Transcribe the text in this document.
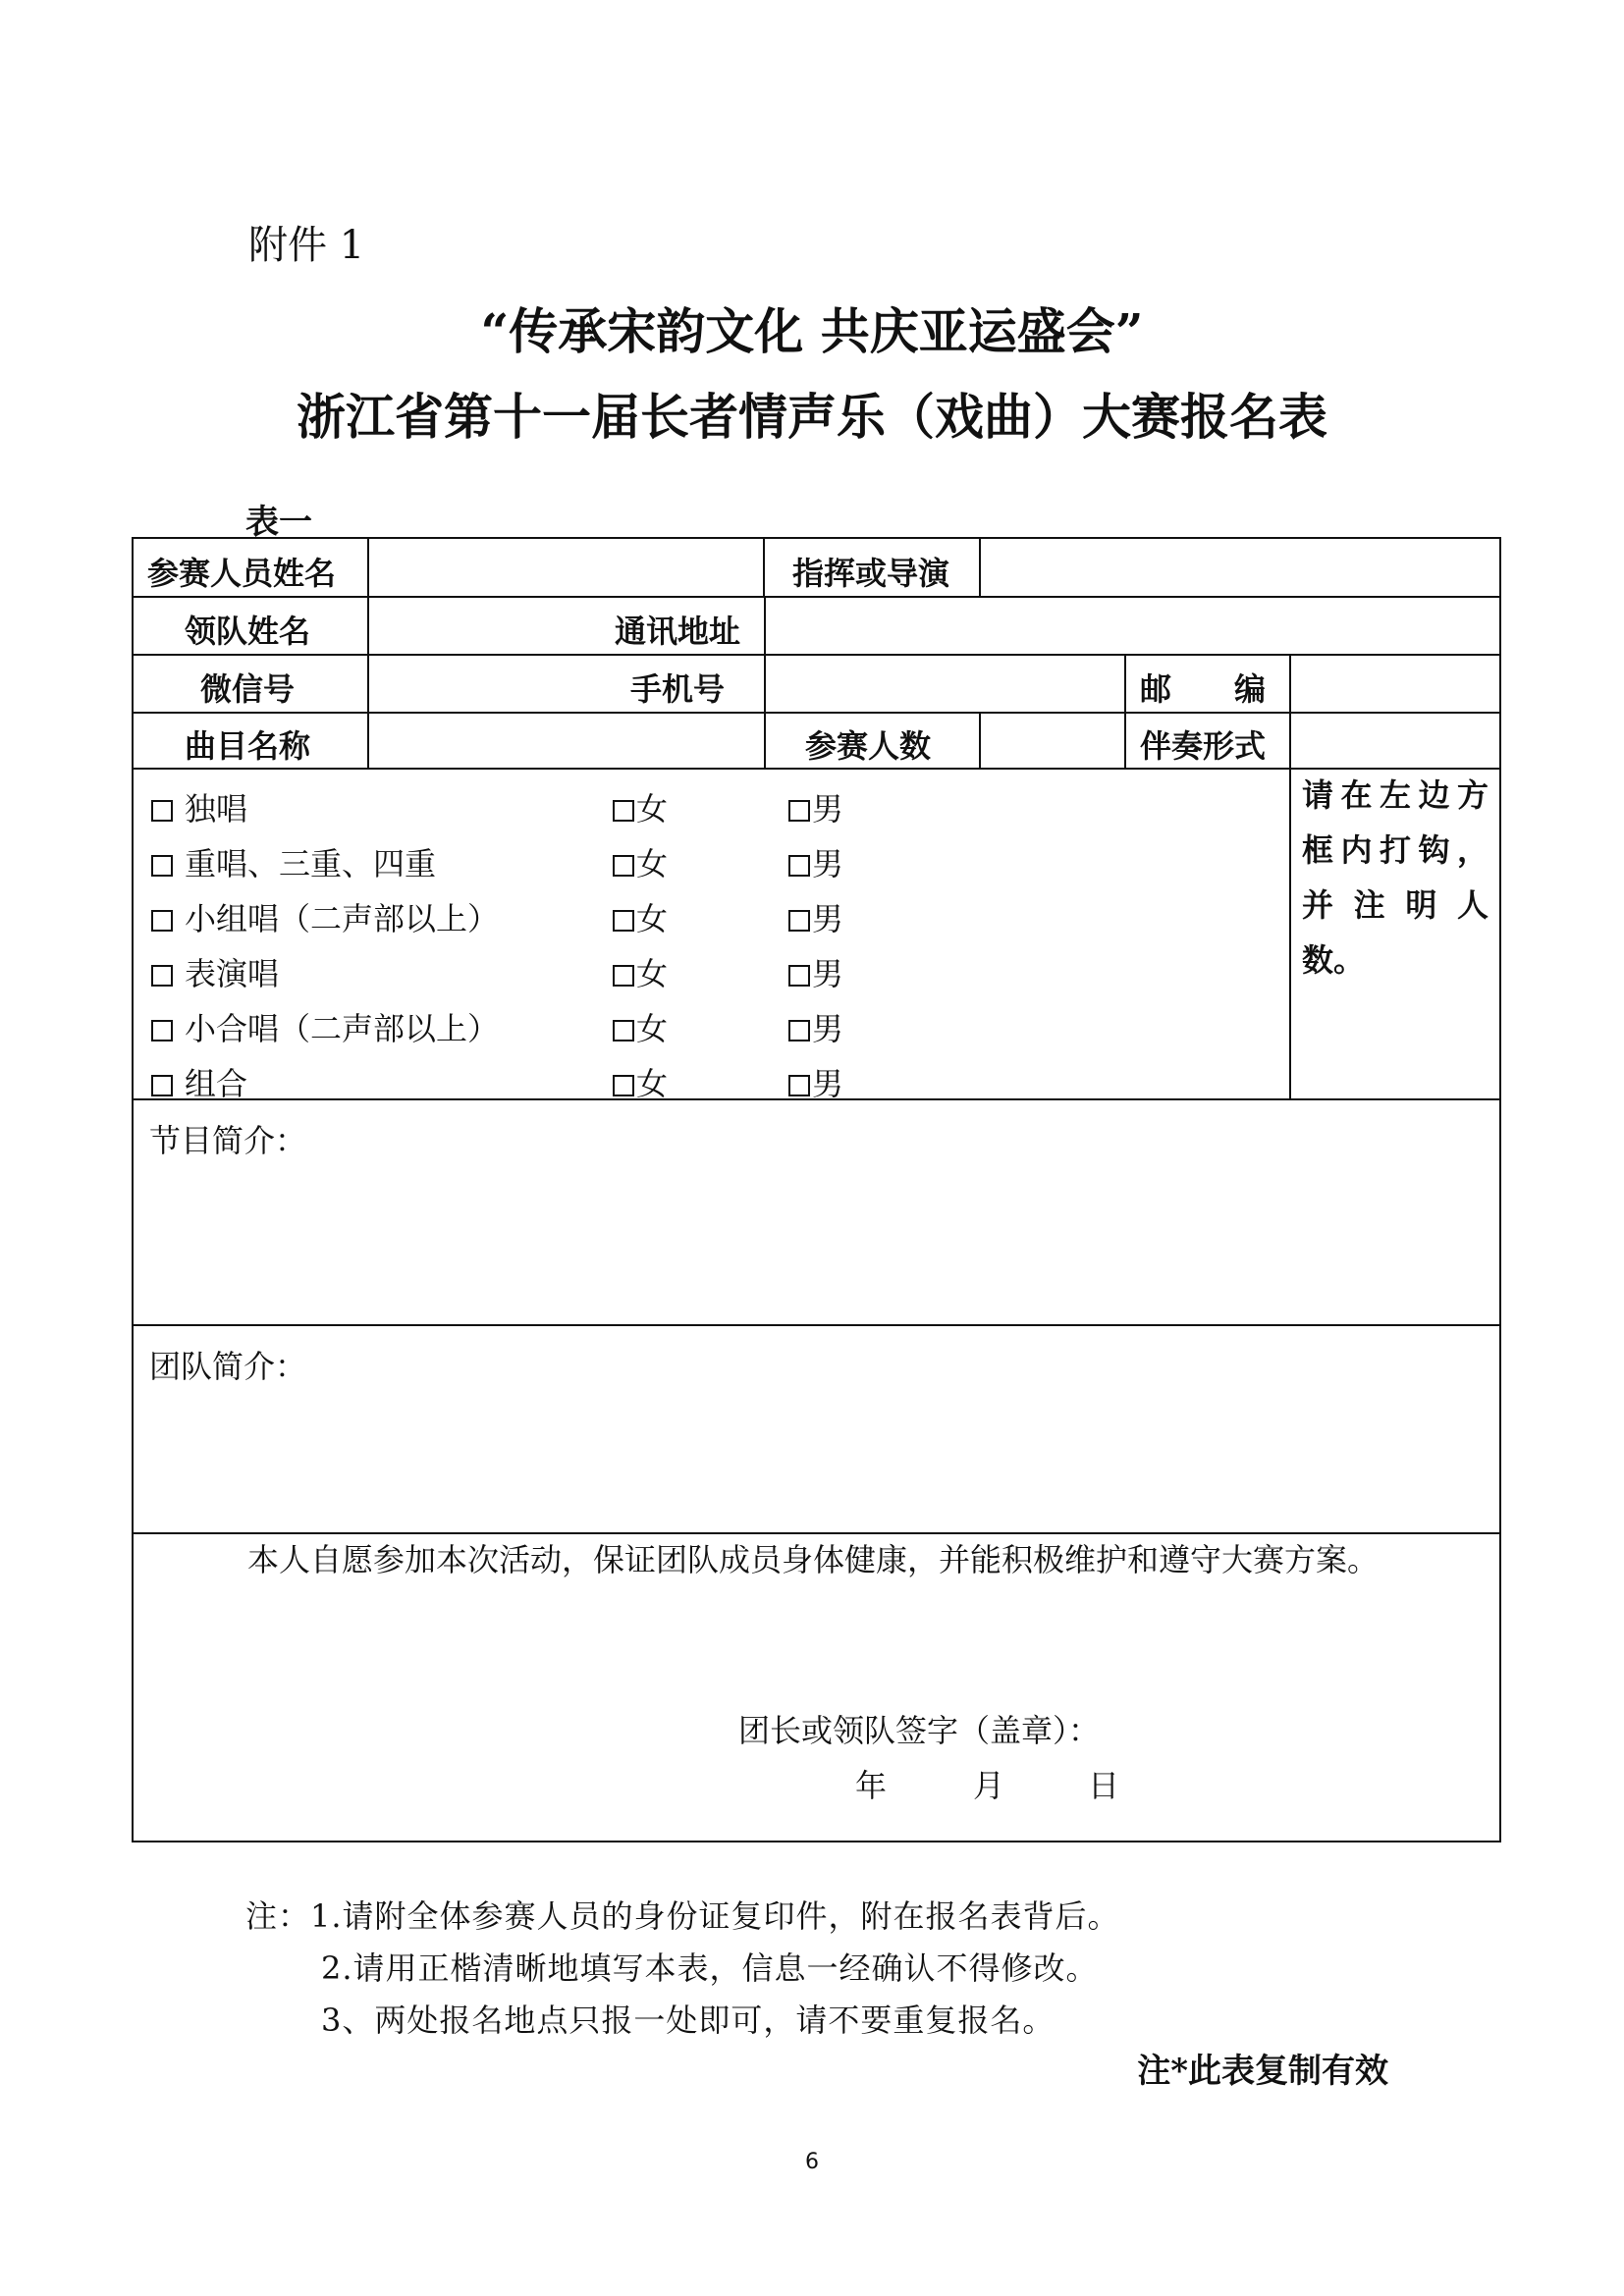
附件 1
“传承宋韵文化 共庆亚运盛会”
浙江省第十一届长者情声乐（戏曲）大赛报名表
表一
参赛人员姓名	指挥或导演
领队姓名	通讯地址
微信号	手机号	邮　　编
曲目名称	参赛人数	伴奏形式
请在左边方框内打钩，并注明人数。
节目简介：
团队简介：
本人自愿参加本次活动，保证团队成员身体健康，并能积极维护和遵守大赛方案。
团长或领队签字（盖章）：
年	月	日
独唱	女	男
重唱、三重、四重	女	男
小组唱（二声部以上）	女	男
表演唱	女	男
小合唱（二声部以上）	女	男
组合	女	男
注：1.请附全体参赛人员的身份证复印件，附在报名表背后。
2.请用正楷清晰地填写本表，信息一经确认不得修改。
3、两处报名地点只报一处即可，请不要重复报名。
注*此表复制有效
6
